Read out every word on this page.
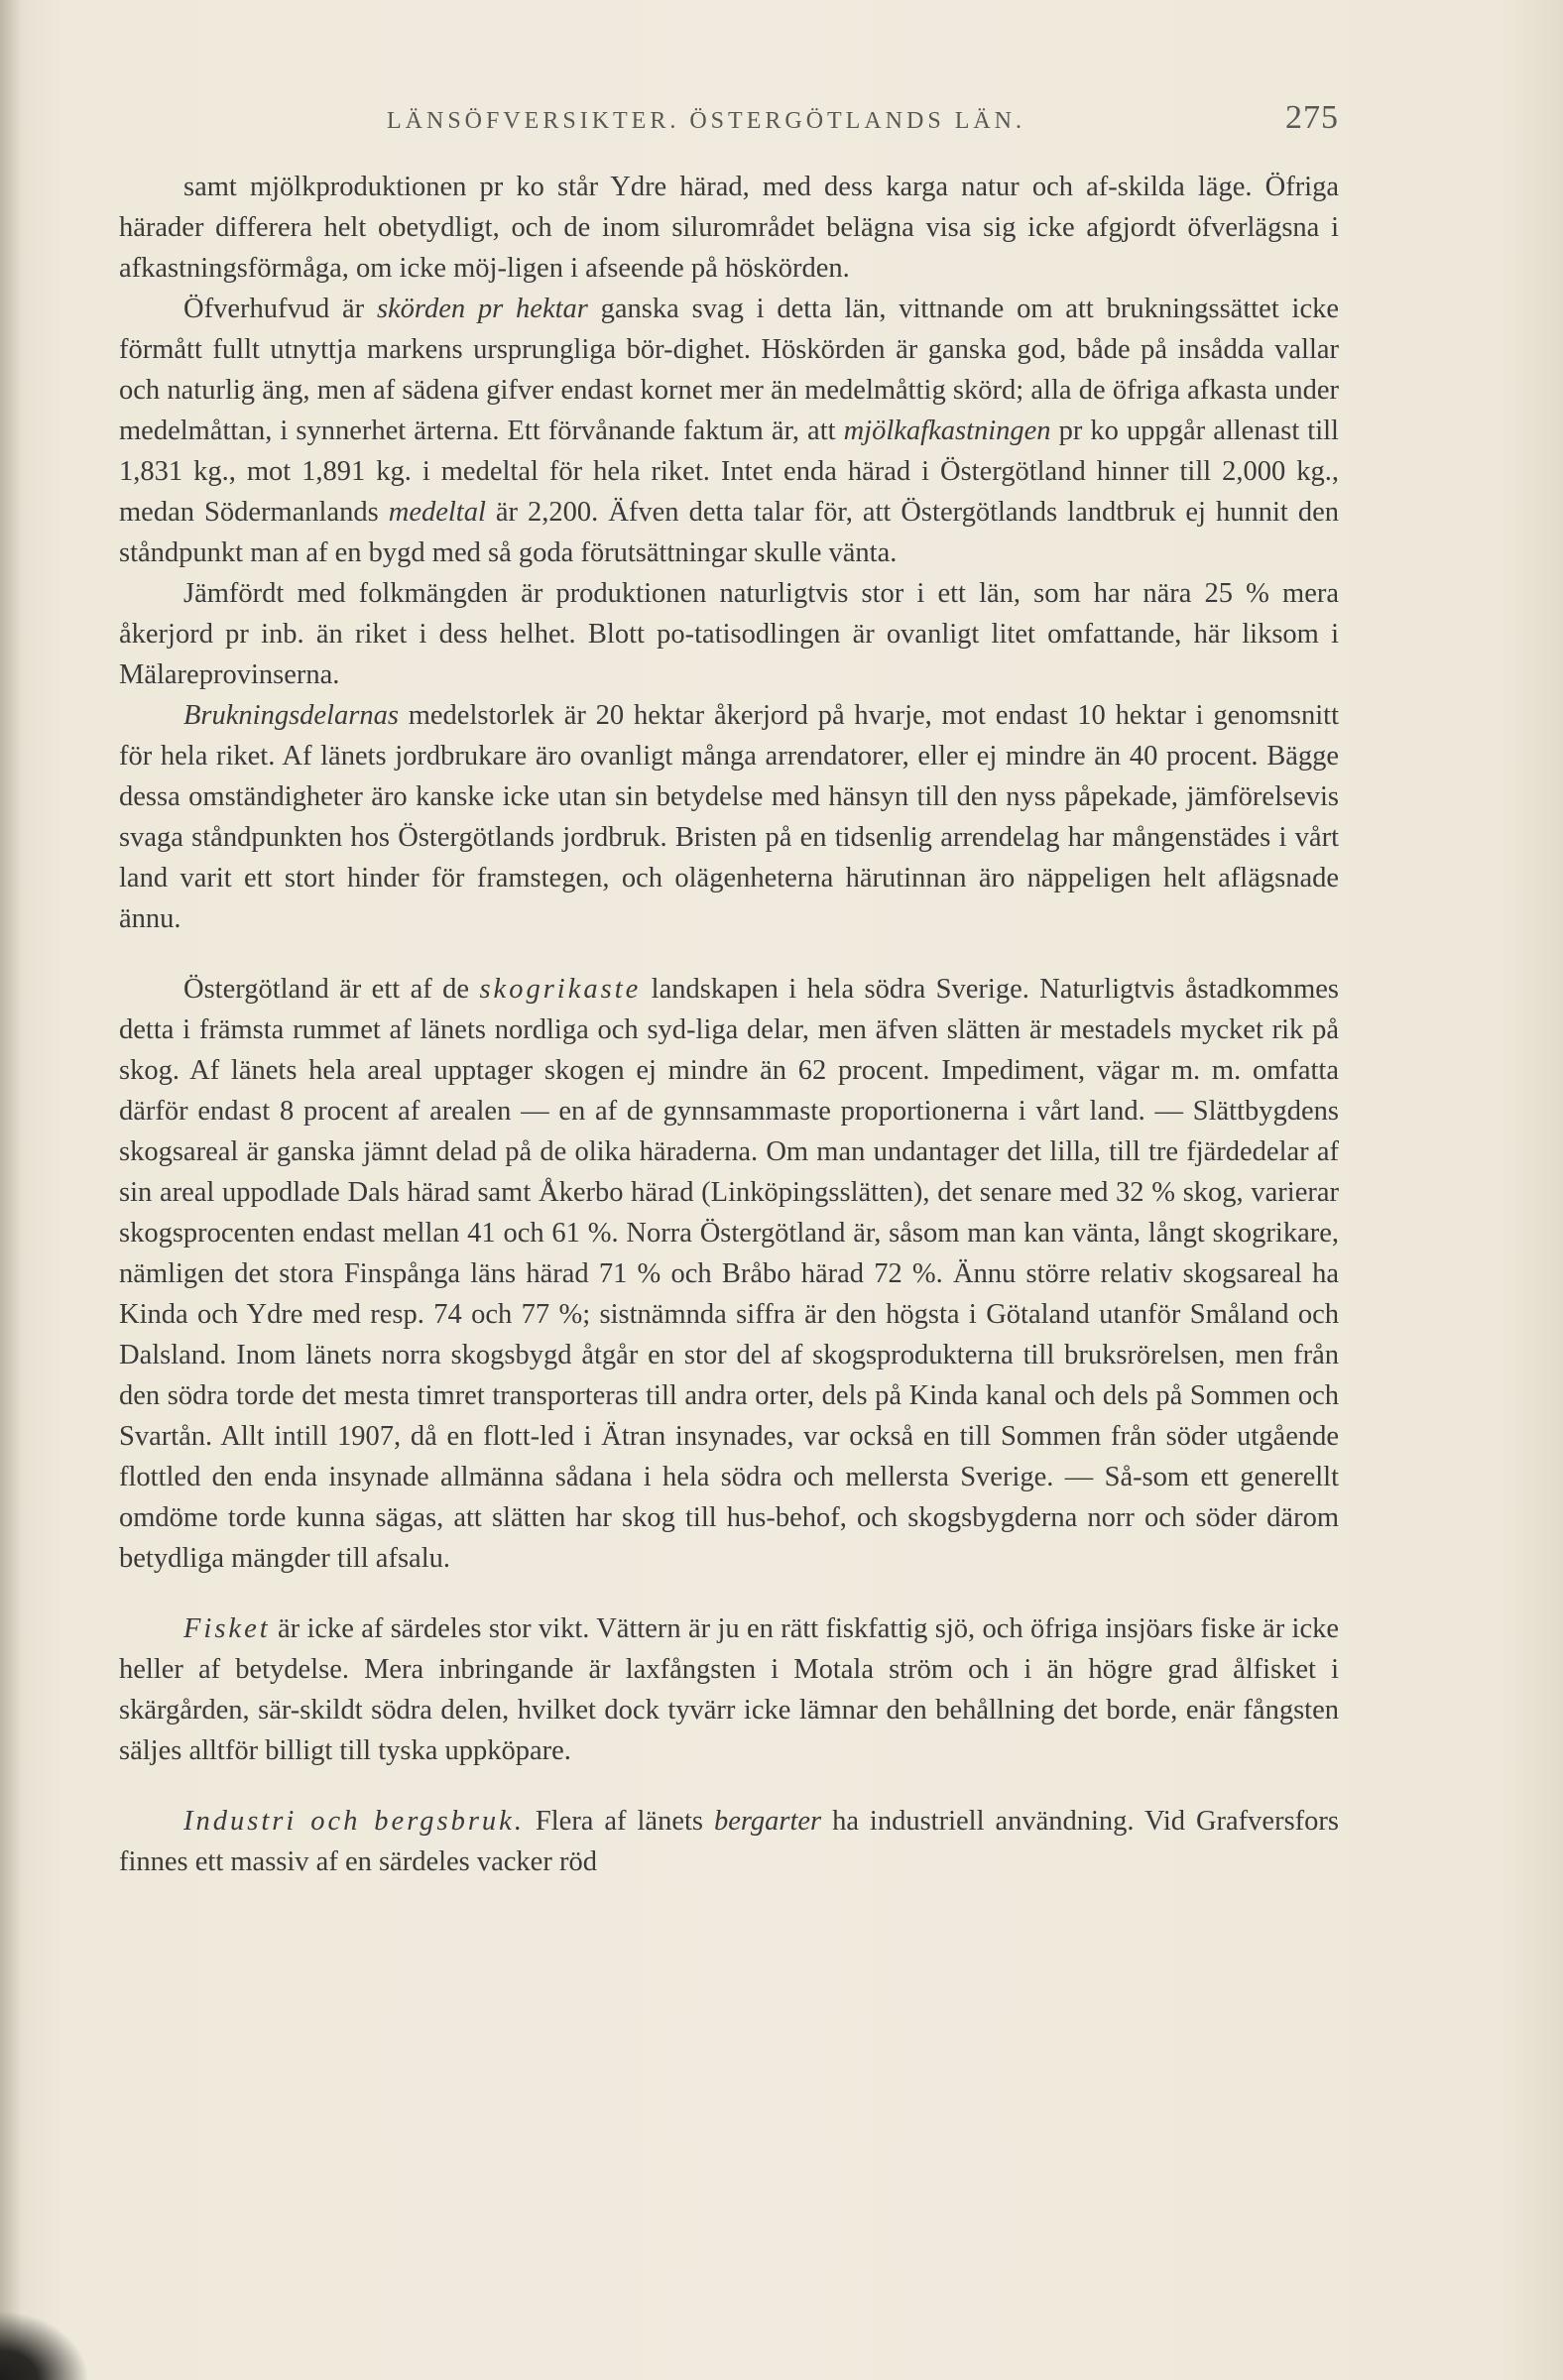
LÄNSÖFVERSIKTER. ÖSTERGÖTLANDS LÄN.	275

samt mjölkproduktionen pr ko står Ydre härad, med dess karga natur och af-skilda läge. Öfriga härader differera helt obetydligt, och de inom silurområdet belägna visa sig icke afgjordt öfverlägsna i afkastningsförmåga, om icke möj-ligen i afseende på höskörden.

Öfverhufvud är skörden pr hektar ganska svag i detta län, vittnande om att brukningssättet icke förmått fullt utnyttja markens ursprungliga bör-dighet. Höskörden är ganska god, både på insådda vallar och naturlig äng, men af sädena gifver endast kornet mer än medelmåttig skörd; alla de öfriga afkasta under medelmåttan, i synnerhet ärterna. Ett förvånande faktum är, att mjölkafkastningen pr ko uppgår allenast till 1,831 kg., mot 1,891 kg. i medeltal för hela riket. Intet enda härad i Östergötland hinner till 2,000 kg., medan Södermanlands medeltal är 2,200. Äfven detta talar för, att Östergötlands landtbruk ej hunnit den ståndpunkt man af en bygd med så goda förutsättningar skulle vänta.

Jämfördt med folkmängden är produktionen naturligtvis stor i ett län, som har nära 25 % mera åkerjord pr inb. än riket i dess helhet. Blott po-tatisodlingen är ovanligt litet omfattande, här liksom i Mälareprovinserna.

Brukningsdelarnas medelstorlek är 20 hektar åkerjord på hvarje, mot endast 10 hektar i genomsnitt för hela riket. Af länets jordbrukare äro ovanligt många arrendatorer, eller ej mindre än 40 procent. Bägge dessa omständigheter äro kanske icke utan sin betydelse med hänsyn till den nyss påpekade, jämförelsevis svaga ståndpunkten hos Östergötlands jordbruk. Bristen på en tidsenlig arrendelag har mångenstädes i vårt land varit ett stort hinder för framstegen, och olägenheterna härutinnan äro näppeligen helt aflägsnade ännu.

Östergötland är ett af de skogrikaste landskapen i hela södra Sverige. Naturligtvis åstadkommes detta i främsta rummet af länets nordliga och syd-liga delar, men äfven slätten är mestadels mycket rik på skog. Af länets hela areal upptager skogen ej mindre än 62 procent. Impediment, vägar m. m. omfatta därför endast 8 procent af arealen — en af de gynnsammaste proportionerna i vårt land. — Slättbygdens skogsareal är ganska jämnt delad på de olika häraderna. Om man undantager det lilla, till tre fjärdedelar af sin areal uppodlade Dals härad samt Åkerbo härad (Linköpingsslätten), det senare med 32 % skog, varierar skogsprocenten endast mellan 41 och 61 %. Norra Östergötland är, såsom man kan vänta, långt skogrikare, nämligen det stora Finspånga läns härad 71 % och Bråbo härad 72 %. Ännu större relativ skogsareal ha Kinda och Ydre med resp. 74 och 77 %; sistnämnda siffra är den högsta i Götaland utanför Småland och Dalsland. Inom länets norra skogsbygd åtgår en stor del af skogsprodukterna till bruksrörelsen, men från den södra torde det mesta timret transporteras till andra orter, dels på Kinda kanal och dels på Sommen och Svartån. Allt intill 1907, då en flott-led i Ätran insynades, var också en till Sommen från söder utgående flottled den enda insynade allmänna sådana i hela södra och mellersta Sverige. — Så-som ett generellt omdöme torde kunna sägas, att slätten har skog till hus-behof, och skogsbygderna norr och söder därom betydliga mängder till afsalu.

Fisket är icke af särdeles stor vikt. Vättern är ju en rätt fiskfattig sjö, och öfriga insjöars fiske är icke heller af betydelse. Mera inbringande är laxfångsten i Motala ström och i än högre grad ålfisket i skärgården, sär-skildt södra delen, hvilket dock tyvärr icke lämnar den behållning det borde, enär fångsten säljes alltför billigt till tyska uppköpare.

Industri och bergsbruk. Flera af länets bergarter ha industriell användning. Vid Grafversfors finnes ett massiv af en särdeles vacker röd
